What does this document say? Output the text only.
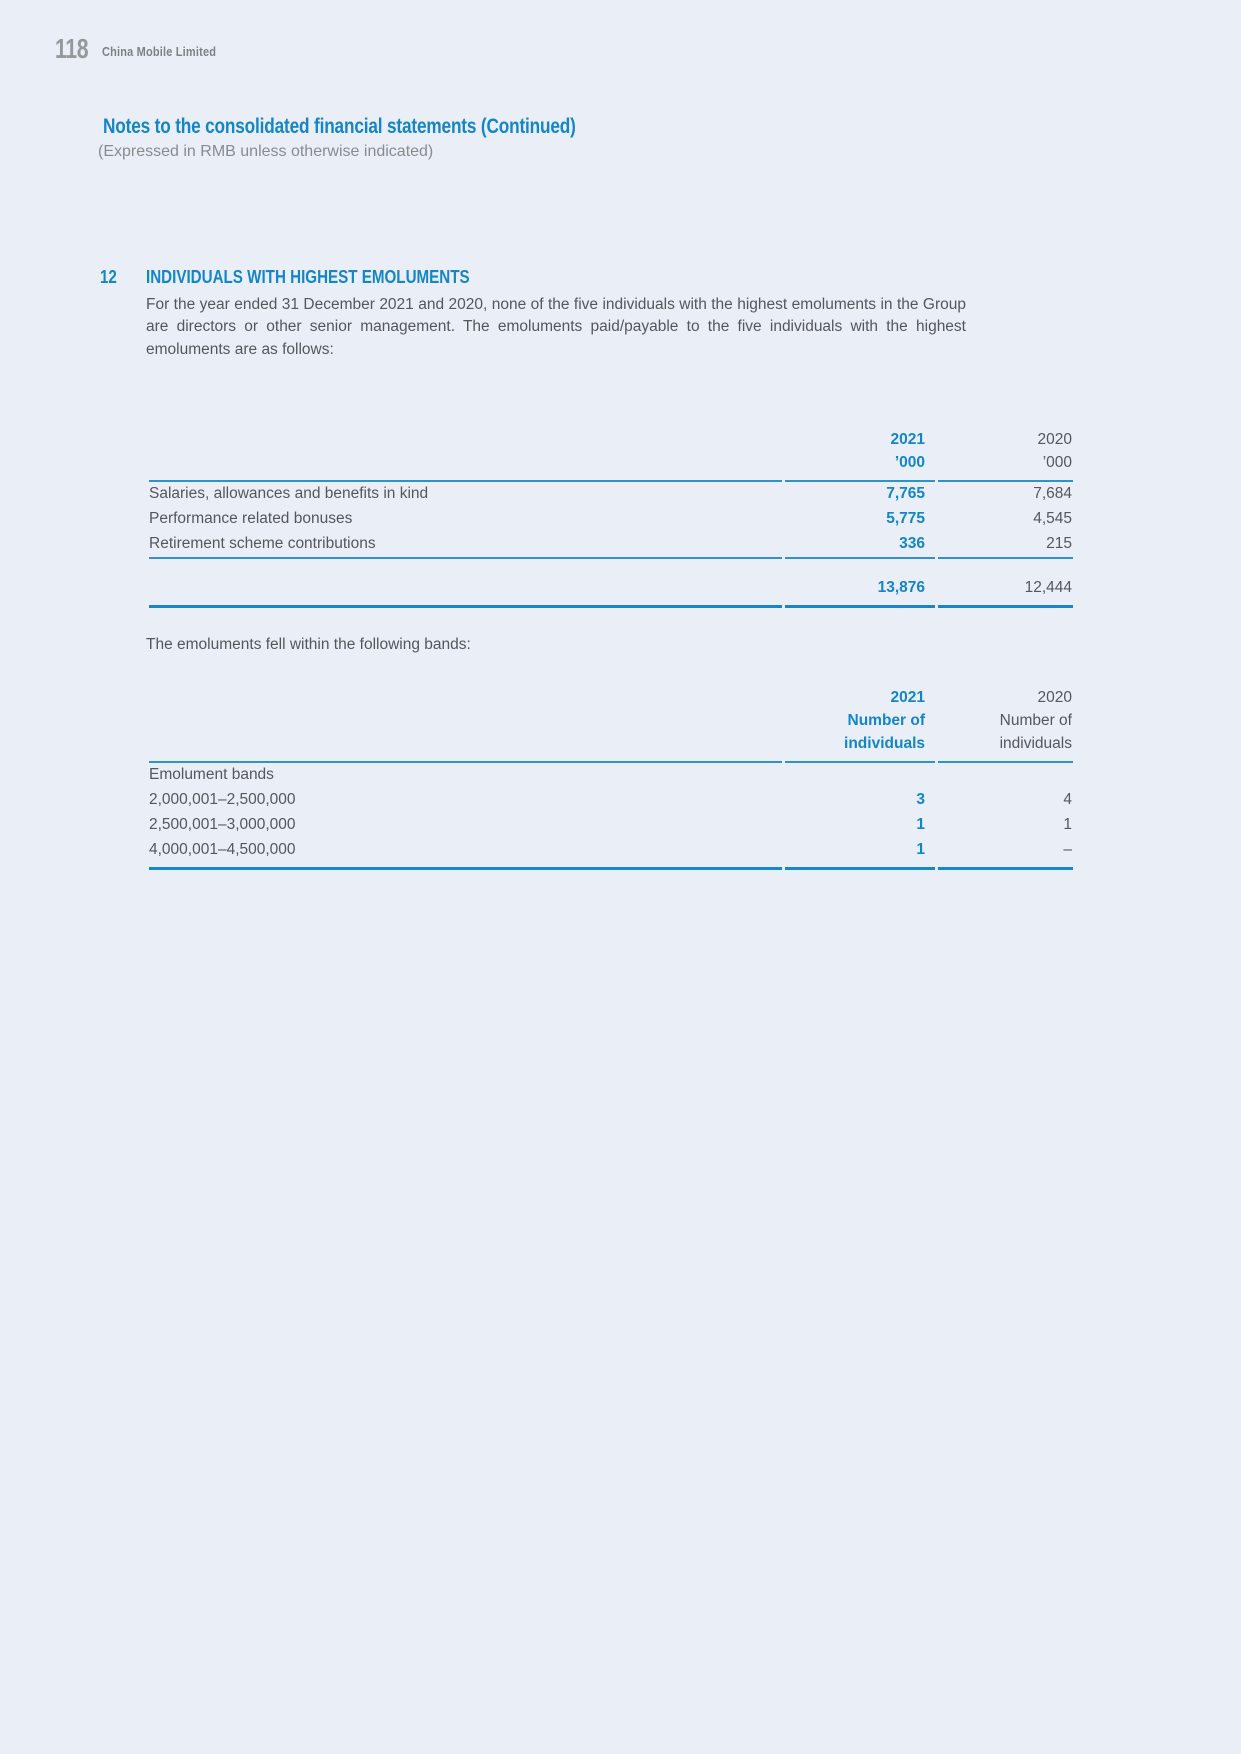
118	China Mobile Limited
Notes to the consolidated financial statements (Continued)
(Expressed in RMB unless otherwise indicated)
12 INDIVIDUALS WITH HIGHEST EMOLUMENTS
For the year ended 31 December 2021 and 2020, none of the five individuals with the highest emoluments in the Group are directors or other senior management. The emoluments paid/payable to the five individuals with the highest emoluments are as follows:

2021
’000

2020
’000

Salaries, allowances and benefits in kind	7,765	7,684
Performance related bonuses	5,775	4,545
Retirement scheme contributions	336	215

	13,876	12,444
The emoluments fell within the following bands:

2021
Number of
individuals

2020
Number of
individuals

Emolument bands		
2,000,001–2,500,000	3	4
2,500,001–3,000,000	1	1
4,000,001–4,500,000	1	–
